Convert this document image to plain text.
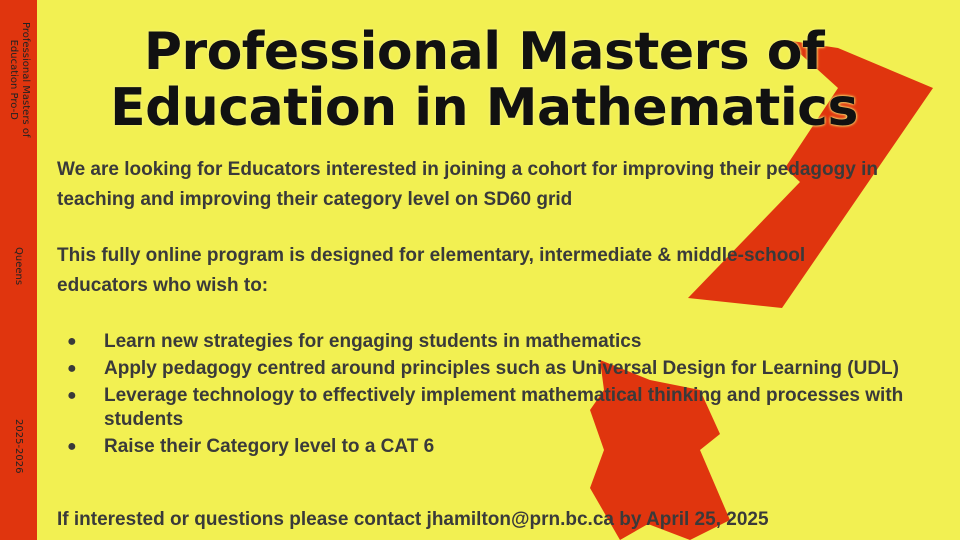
Professional Masters of
Education Pro-D
Queens
2025-2026
Professional Masters of
Education in Mathematics

We are looking for Educators interested in joining a cohort for improving their pedagogy in teaching and improving their category level on SD60 grid

This fully online program is designed for elementary, intermediate & middle-school educators who wish to:

● Learn new strategies for engaging students in mathematics
● Apply pedagogy centred around principles such as Universal Design for Learning (UDL)
● Leverage technology to effectively implement mathematical thinking and processes with students
● Raise their Category level to a CAT 6

If interested or questions please contact jhamilton@prn.bc.ca by April 25, 2025
